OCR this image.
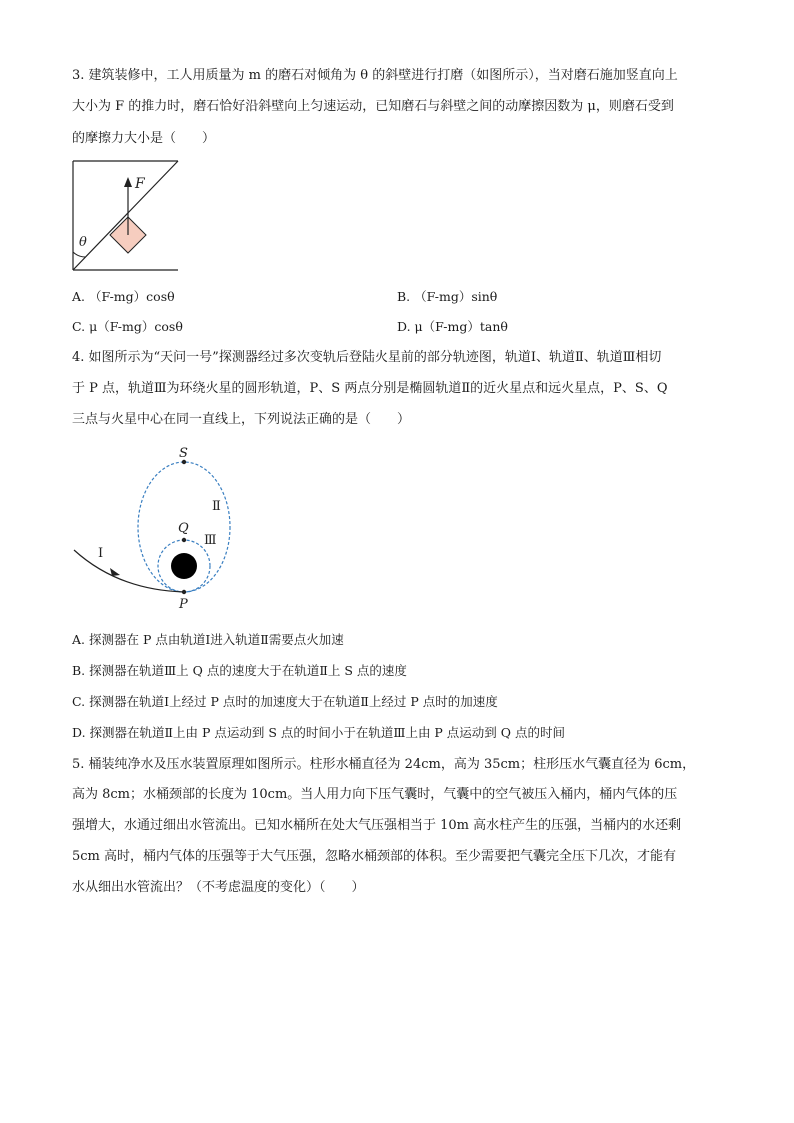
3. 建筑装修中，工人用质量为 m 的磨石对倾角为 θ 的斜壁进行打磨（如图所示），当对磨石施加竖直向上
大小为 F 的推力时，磨石恰好沿斜壁向上匀速运动，已知磨石与斜壁之间的动摩擦因数为 μ，则磨石受到
的摩擦力大小是（　　）
F
θ
A. （F-mg）cosθ	B. （F-mg）sinθ
C. μ（F-mg）cosθ	D. μ（F-mg）tanθ
4. 如图所示为“天问一号”探测器经过多次变轨后登陆火星前的部分轨迹图，轨道Ⅰ、轨道Ⅱ、轨道Ⅲ相切
于 P 点，轨道Ⅲ为环绕火星的圆形轨道，P、S 两点分别是椭圆轨道Ⅱ的近火星点和远火星点，P、S、Q
三点与火星中心在同一直线上，下列说法正确的是（　　）
S
Q
P
Ⅰ
Ⅱ
Ⅲ
A. 探测器在 P 点由轨道Ⅰ进入轨道Ⅱ需要点火加速
B. 探测器在轨道Ⅲ上 Q 点的速度大于在轨道Ⅱ上 S 点的速度
C. 探测器在轨道Ⅰ上经过 P 点时的加速度大于在轨道Ⅱ上经过 P 点时的加速度
D. 探测器在轨道Ⅱ上由 P 点运动到 S 点的时间小于在轨道Ⅲ上由 P 点运动到 Q 点的时间
5. 桶装纯净水及压水装置原理如图所示。柱形水桶直径为 24cm，高为 35cm；柱形压水气囊直径为 6cm，
高为 8cm；水桶颈部的长度为 10cm。当人用力向下压气囊时，气囊中的空气被压入桶内，桶内气体的压
强增大，水通过细出水管流出。已知水桶所在处大气压强相当于 10m 高水柱产生的压强，当桶内的水还剩
5cm 高时，桶内气体的压强等于大气压强，忽略水桶颈部的体积。至少需要把气囊完全压下几次，才能有
水从细出水管流出？（不考虑温度的变化）（　　）
